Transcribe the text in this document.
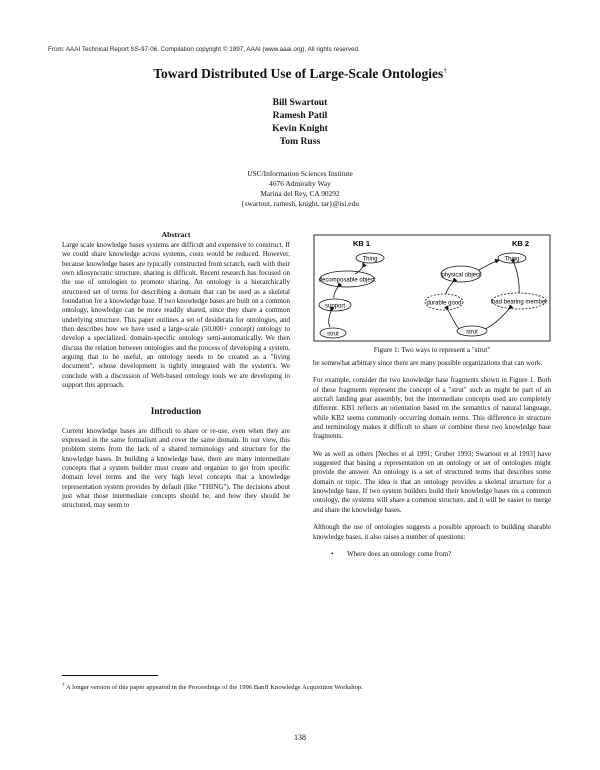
From: AAAI Technical Report SS-97-06. Compilation copyright © 1997, AAAI (www.aaai.org). All rights reserved.
Toward Distributed Use of Large-Scale Ontologies†
Bill Swartout
Ramesh Patil
Kevin Knight
Tom Russ
USC/Information Sciences Institute
4676 Admiralty Way
Marina del Rey, CA 90292
{swartout, ramesh, knight, tar}@isi.edu
Abstract

Large scale knowledge bases systems are difficult and expensive to construct. If we could share knowledge across systems, costs would be reduced. However, because knowledge bases are typically constructed from scratch, each with their own idiosyncratic structure, sharing is difficult. Recent research has focused on the use of ontologies to promote sharing. An ontology is a hierarchically structured set of terms for describing a domain that can be used as a skeletal foundation for a knowledge base. If two knowledge bases are built on a common ontology, knowledge can be more readily shared, since they share a common underlying structure. This paper outlines a set of desiderata for ontologies, and then describes how we have used a large-scale (50,000+ concept) ontology to develop a specialized, domain-specific ontology semi-automatically. We then discuss the relation between ontologies and the process of developing a system, arguing that to be useful, an ontology needs to be created as a "living document", whose development is tightly integrated with the system's. We conclude with a discussion of Web-based ontology tools we are developing to support this approach.

Introduction

Current knowledge bases are difficult to share or re-use, even when they are expressed in the same formalism and cover the same domain. In our view, this problem stems from the lack of a shared terminology and structure for the knowledge bases. In building a knowledge base, there are many intermediate concepts that a system builder must create and organize to get from specific domain level terms and the very high level concepts that a knowledge representation system provides by default (like "THING"). The decisions about just what those intermediate concepts should be, and how they should be structured, may seem to

KB 1	KB 2
Thing
decomposable object
support
strut
Thing
physical object
durable good	load bearing member
strut
Figure 1: Two ways to represent a "strut"

be somewhat arbitrary since there are many possible organizations that can work.

For example, consider the two knowledge base fragments shown in Figure 1. Both of these fragments represent the concept of a "strut" such as might be part of an aircraft landing gear assembly, but the intermediate concepts used are completely different. KB1 reflects an orientation based on the semantics of natural language, while KB2 seems commonly occurring domain terms. This difference in structure and terminology makes it difficult to share or combine these two knowledge base fragments.

We as well as others [Neches et al 1991; Gruber 1993; Swartout et al 1993] have suggested that basing a representation on an ontology or set of ontologies might provide the answer. An ontology is a set of structured terms that describes some domain or topic. The idea is that an ontology provides a skeletal structure for a knowledge base. If two system builders build their knowledge bases on a common ontology, the systems will share a common structure, and it will be easier to merge and share the knowledge bases.

Although the use of ontologies suggests a possible approach to building sharable knowledge bases, it also raises a number of questions:

• Where does an ontology come from?
† A longer version of this paper appeared in the Proceedings of the 1996 Banff Knowledge Acquisition Workshop.
138
